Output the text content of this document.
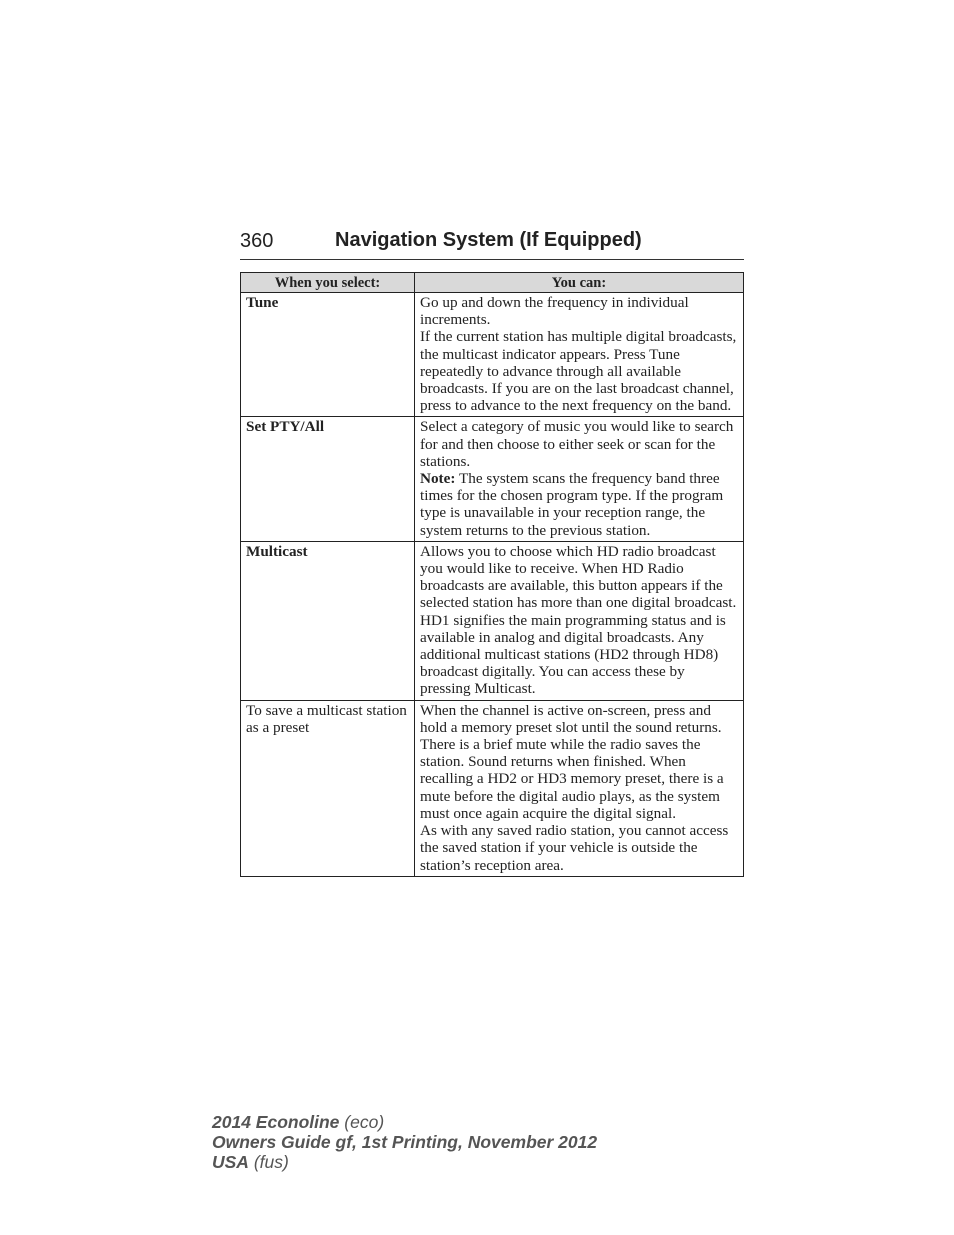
360	Navigation System (If Equipped)
When you select:	You can:
Tune	Go up and down the frequency in individual increments.
If the current station has multiple digital broadcasts, the multicast indicator appears. Press Tune repeatedly to advance through all available broadcasts. If you are on the last broadcast channel, press to advance to the next frequency on the band.

Set PTY/All	Select a category of music you would like to search for and then choose to either seek or scan for the stations.
Note: The system scans the frequency band three times for the chosen program type. If the program type is unavailable in your reception range, the system returns to the previous station.

Multicast	Allows you to choose which HD radio broadcast you would like to receive. When HD Radio broadcasts are available, this button appears if the selected station has more than one digital broadcast. HD1 signifies the main programming status and is available in analog and digital broadcasts. Any additional multicast stations (HD2 through HD8) broadcast digitally. You can access these by pressing Multicast.

To save a multicast station as a preset	When the channel is active on-screen, press and hold a memory preset slot until the sound returns. There is a brief mute while the radio saves the station. Sound returns when finished. When recalling a HD2 or HD3 memory preset, there is a mute before the digital audio plays, as the system must once again acquire the digital signal.
As with any saved radio station, you cannot access the saved station if your vehicle is outside the station’s reception area.
2014 Econoline (eco)
Owners Guide gf, 1st Printing, November 2012
USA (fus)
